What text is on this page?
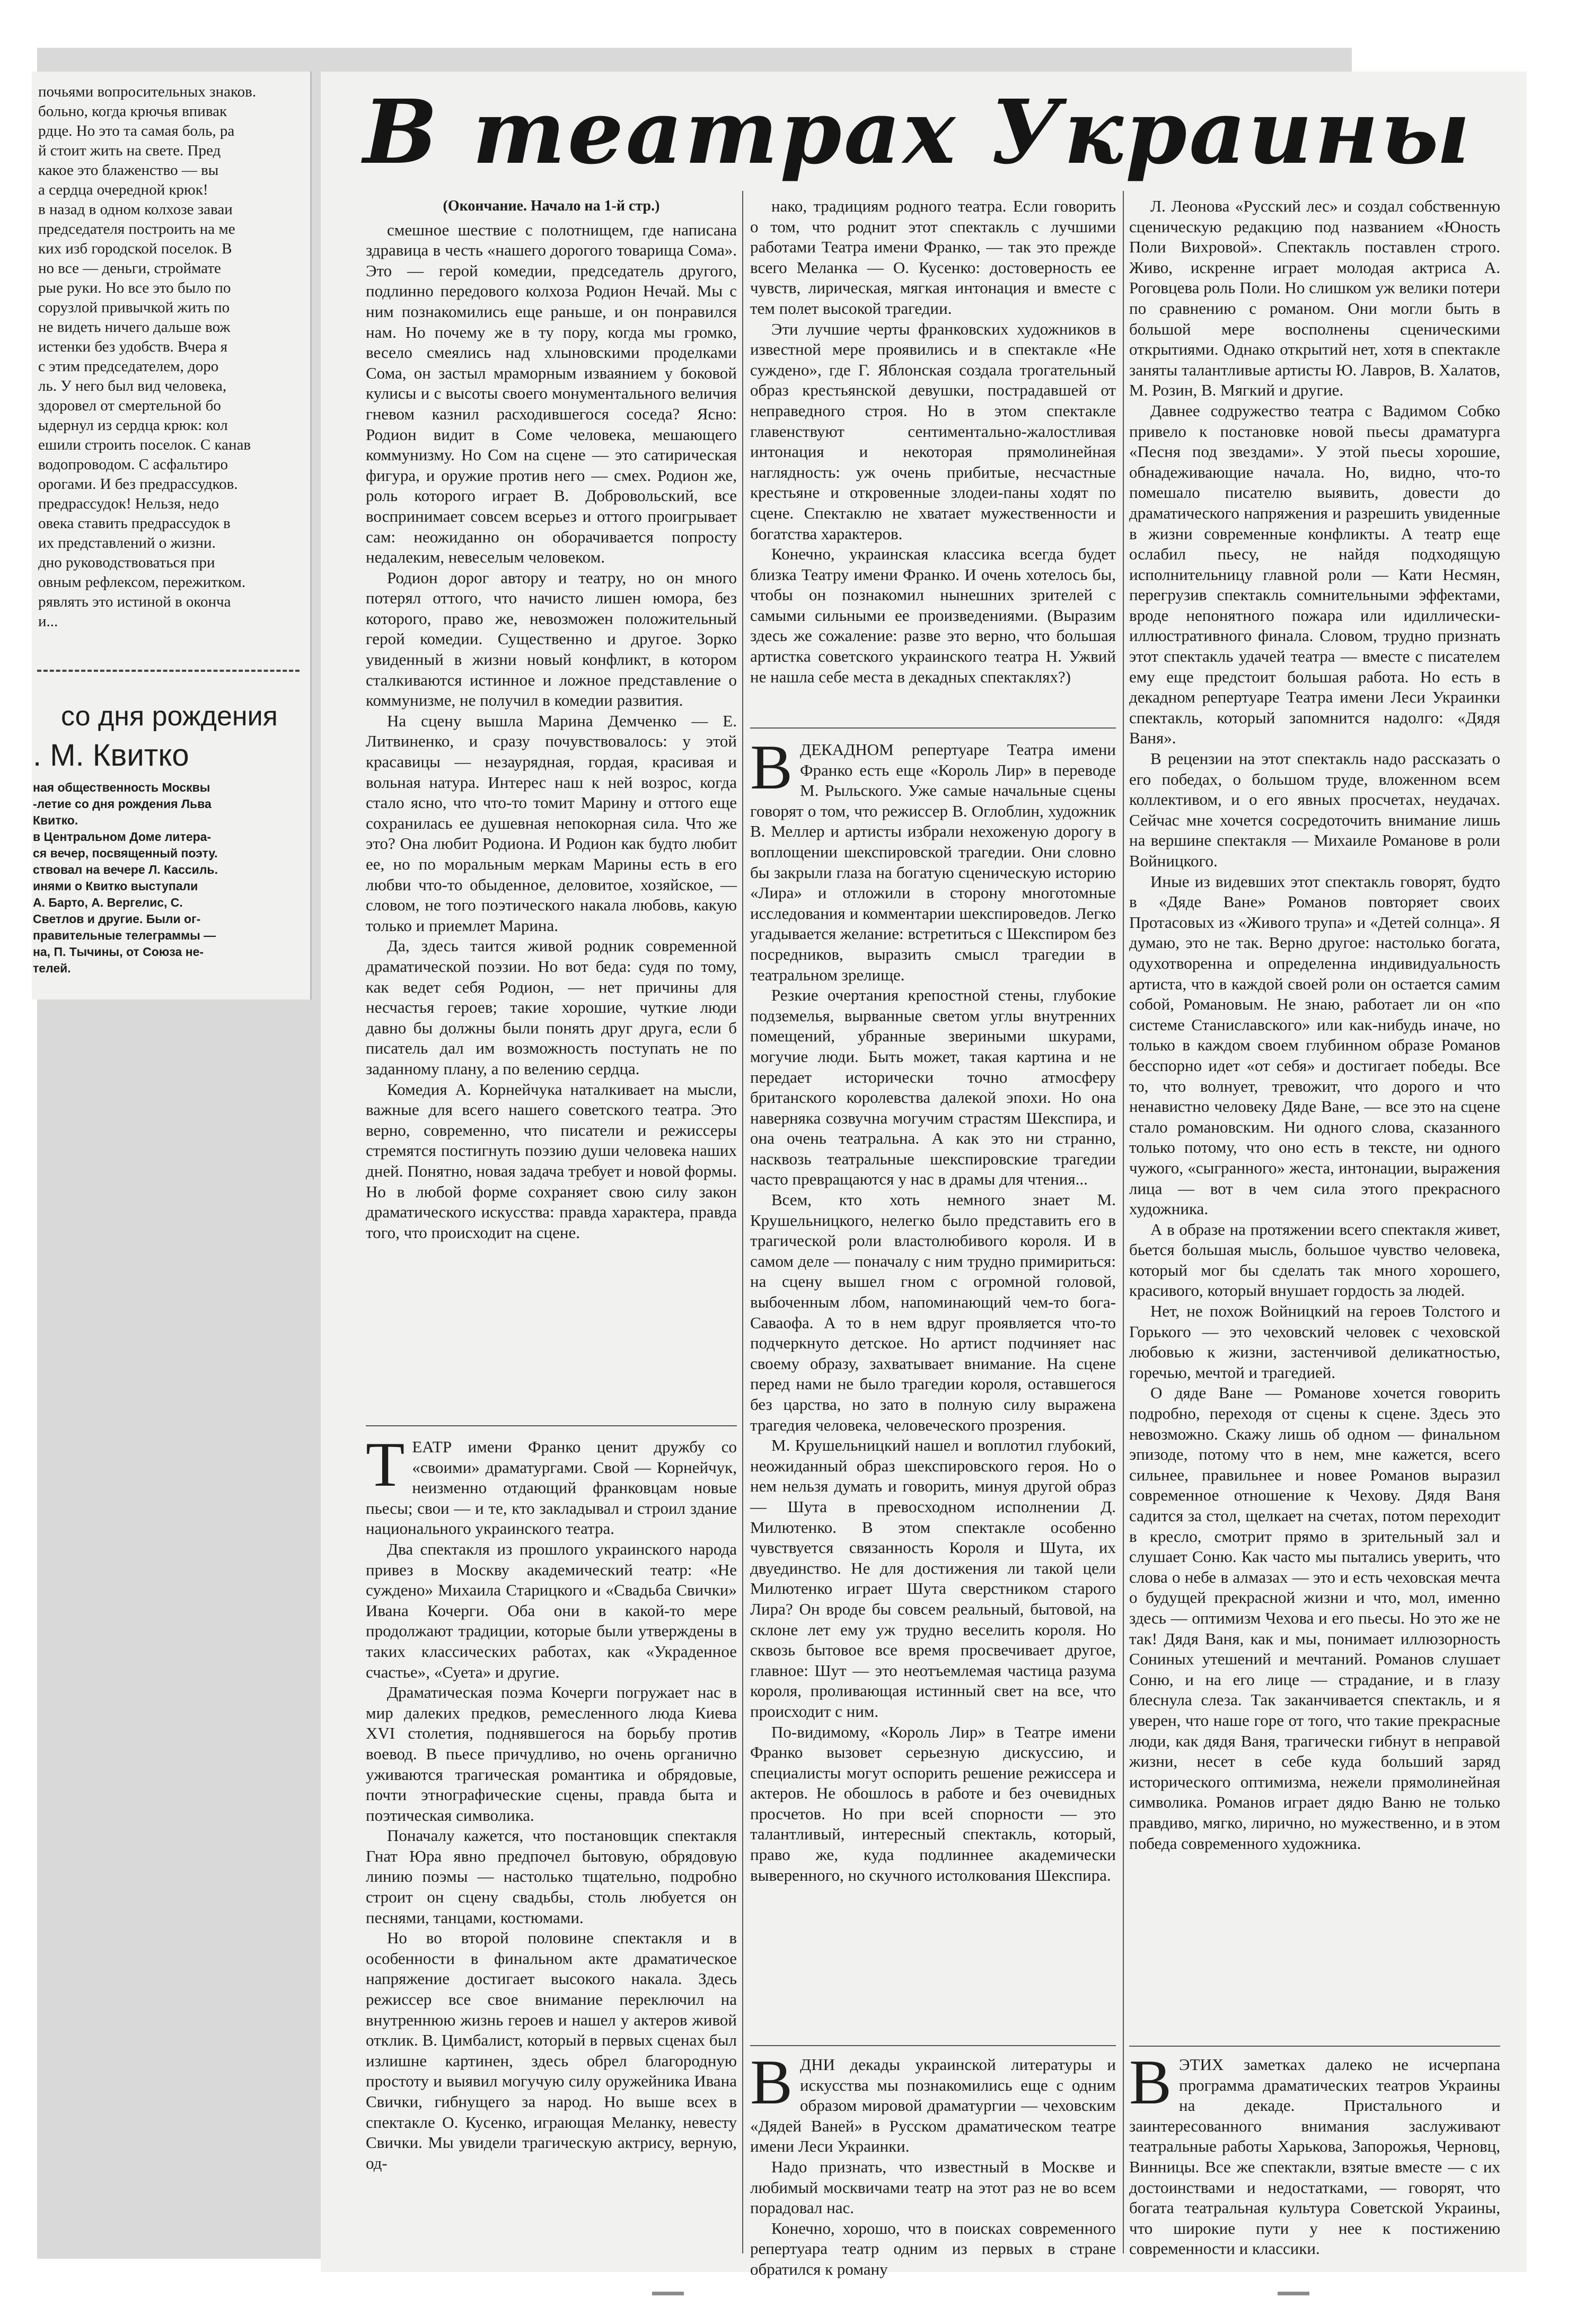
почьями вопросительных знаков.

больно, когда крючья впивак

рдце. Но это та самая боль, ра

й стоит жить на свете. Пред

какое это блаженство — вы

а сердца очередной крюк!

в назад в одном колхозе заваи

председателя построить на ме

ких изб городской поселок. В

но все — деньги, строймате

рые руки. Но все это было по

сорузлой привычкой жить по

не видеть ничего дальше вож

истенки без удобств. Вчера я

с этим председателем, доро

ль. У него был вид человека,

здоровел от смертельной бо

ыдернул из сердца крюк: кол

ешили строить поселок. С канав

водопроводом. С асфальтиро

орогами. И без предрассудков.

предрассудок! Нельзя, недо

овека ставить предрассудок в

их представлений о жизни.

дно руководствоваться при

овным рефлексом, пережитком.

рявлять это истиной в оконча

и...

со дня рождения
. М. Квитко

ная общественность Москвы

-летие со дня рождения Льва

Квитко.

в Центральном Доме литера-

ся вечер, посвященный поэту.

ствовал на вечере Л. Кассиль.

инями о Квитко выступали

А. Барто, А. Вергелис, С.

Светлов и другие. Были ог-

правительные телеграммы —

на, П. Тычины, от Союза не-

телей.

В театрах Украины
(Окончание. Начало на 1-й стр.)

смешное шествие с полотнищем, где написана здравица в честь «нашего дорогого товарища Сома». Это — герой комедии, председатель другого, подлинно передового колхоза Родион Нечай. Мы с ним познакомились еще раньше, и он понравился нам. Но почему же в ту пору, когда мы громко, весело смеялись над хлыновскими проделками Сома, он застыл мраморным изваянием у боковой кулисы и с высоты своего монументального величия гневом казнил расходившегося соседа? Ясно: Родион видит в Соме человека, мешающего коммунизму. Но Сом на сцене — это сатирическая фигура, и оружие против него — смех. Родион же, роль которого играет В. Добровольский, все воспринимает совсем всерьез и оттого проигрывает сам: неожиданно он оборачивается попросту недалеким, невеселым человеком.

Родион дорог автору и театру, но он много потерял оттого, что начисто лишен юмора, без которого, право же, невозможен положительный герой комедии. Существенно и другое. Зорко увиденный в жизни новый конфликт, в котором сталкиваются истинное и ложное представление о коммунизме, не получил в комедии развития.

На сцену вышла Марина Демченко — Е. Литвиненко, и сразу почувствовалось: у этой красавицы — незаурядная, гордая, красивая и вольная натура. Интерес наш к ней возрос, когда стало ясно, что что-то томит Марину и оттого еще сохранилась ее душевная непокорная сила. Что же это? Она любит Родиона. И Родион как будто любит ее, но по моральным меркам Марины есть в его любви что-то обыденное, деловитое, хозяйское, — словом, не того поэтического накала любовь, какую только и приемлет Марина.

Да, здесь таится живой родник современной драматической поэзии. Но вот беда: судя по тому, как ведет себя Родион, — нет причины для несчастья героев; такие хорошие, чуткие люди давно бы должны были понять друг друга, если б писатель дал им возможность поступать не по заданному плану, а по велению сердца.

Комедия А. Корнейчука наталкивает на мысли, важные для всего нашего советского театра. Это верно, современно, что писатели и режиссеры стремятся постигнуть поэзию души человека наших дней. Понятно, новая задача требует и новой формы. Но в любой форме сохраняет свою силу закон драматического искусства: правда характера, правда того, что происходит на сцене.

ТЕАТР имени Франко ценит дружбу со «своими» драматургами. Свой — Корнейчук, неизменно отдающий франковцам новые пьесы; свои — и те, кто закладывал и строил здание национального украинского театра.

Два спектакля из прошлого украинского народа привез в Москву академический театр: «Не суждено» Михаила Старицкого и «Свадьба Свички» Ивана Кочерги. Оба они в какой-то мере продолжают традиции, которые были утверждены в таких классических работах, как «Украденное счастье», «Суета» и другие.

Драматическая поэма Кочерги погружает нас в мир далеких предков, ремесленного люда Киева XVI столетия, поднявшегося на борьбу против воевод. В пьесе причудливо, но очень органично уживаются трагическая романтика и обрядовые, почти этнографические сцены, правда быта и поэтическая символика.

Поначалу кажется, что постановщик спектакля Гнат Юра явно предпочел бытовую, обрядовую линию поэмы — настолько тщательно, подробно строит он сцену свадьбы, столь любуется он песнями, танцами, костюмами.

Но во второй половине спектакля и в особенности в финальном акте драматическое напряжение достигает высокого накала. Здесь режиссер все свое внимание переключил на внутреннюю жизнь героев и нашел у актеров живой отклик. В. Цимбалист, который в первых сценах был излишне картинен, здесь обрел благородную простоту и выявил могучую силу оружейника Ивана Свички, гибнущего за народ. Но выше всех в спектакле О. Кусенко, играющая Меланку, невесту Свички. Мы увидели трагическую актрису, верную, од-

нако, традициям родного театра. Если говорить о том, что роднит этот спектакль с лучшими работами Театра имени Франко, — так это прежде всего Меланка — О. Кусенко: достоверность ее чувств, лирическая, мягкая интонация и вместе с тем полет высокой трагедии.

Эти лучшие черты франковских художников в известной мере проявились и в спектакле «Не суждено», где Г. Яблонская создала трогательный образ крестьянской девушки, пострадавшей от неправедного строя. Но в этом спектакле главенствуют сентиментально-жалостливая интонация и некоторая прямолинейная наглядность: уж очень прибитые, несчастные крестьяне и откровенные злодеи-паны ходят по сцене. Спектаклю не хватает мужественности и богатства характеров.

Конечно, украинская классика всегда будет близка Театру имени Франко. И очень хотелось бы, чтобы он познакомил нынешних зрителей с самыми сильными ее произведениями. (Выразим здесь же сожаление: разве это верно, что большая артистка советского украинского театра Н. Ужвий не нашла себе места в декадных спектаклях?)

В ДЕКАДНОМ репертуаре Театра имени Франко есть еще «Король Лир» в переводе М. Рыльского. Уже самые начальные сцены говорят о том, что режиссер В. Оглоблин, художник В. Меллер и артисты избрали нехоженую дорогу в воплощении шекспировской трагедии. Они словно бы закрыли глаза на богатую сценическую историю «Лира» и отложили в сторону многотомные исследования и комментарии шекспироведов. Легко угадывается желание: встретиться с Шекспиром без посредников, выразить смысл трагедии в театральном зрелище.

Резкие очертания крепостной стены, глубокие подземелья, вырванные светом углы внутренних помещений, убранные звериными шкурами, могучие люди. Быть может, такая картина и не передает исторически точно атмосферу британского королевства далекой эпохи. Но она наверняка созвучна могучим страстям Шекспира, и она очень театральна. А как это ни странно, насквозь театральные шекспировские трагедии часто превращаются у нас в драмы для чтения...

Всем, кто хоть немного знает М. Крушельницкого, нелегко было представить его в трагической роли властолюбивого короля. И в самом деле — поначалу с ним трудно примириться: на сцену вышел гном с огромной головой, выбоченным лбом, напоминающий чем-то бога-Саваофа. А то в нем вдруг проявляется что-то подчеркнуто детское. Но артист подчиняет нас своему образу, захватывает внимание. На сцене перед нами не было трагедии короля, оставшегося без царства, но зато в полную силу выражена трагедия человека, человеческого прозрения.

М. Крушельницкий нашел и воплотил глубокий, неожиданный образ шекспировского героя. Но о нем нельзя думать и говорить, минуя другой образ — Шута в превосходном исполнении Д. Милютенко. В этом спектакле особенно чувствуется связанность Короля и Шута, их двуединство. Не для достижения ли такой цели Милютенко играет Шута сверстником старого Лира? Он вроде бы совсем реальный, бытовой, на склоне лет ему уж трудно веселить короля. Но сквозь бытовое все время просвечивает другое, главное: Шут — это неотъемлемая частица разума короля, проливающая истинный свет на все, что происходит с ним.

По-видимому, «Король Лир» в Театре имени Франко вызовет серьезную дискуссию, и специалисты могут оспорить решение режиссера и актеров. Не обошлось в работе и без очевидных просчетов. Но при всей спорности — это талантливый, интересный спектакль, который, право же, куда подлиннее академически выверенного, но скучного истолкования Шекспира.

В ДНИ декады украинской литературы и искусства мы познакомились еще с одним образом мировой драматургии — чеховским «Дядей Ваней» в Русском драматическом театре имени Леси Украинки.

Надо признать, что известный в Москве и любимый москвичами театр на этот раз не во всем порадовал нас.

Конечно, хорошо, что в поисках современного репертуара театр одним из первых в стране обратился к роману

Л. Леонова «Русский лес» и создал собственную сценическую редакцию под названием «Юность Поли Вихровой». Спектакль поставлен строго. Живо, искренне играет молодая актриса А. Роговцева роль Поли. Но слишком уж велики потери по сравнению с романом. Они могли быть в большой мере восполнены сценическими открытиями. Однако открытий нет, хотя в спектакле заняты талантливые артисты Ю. Лавров, В. Халатов, М. Розин, В. Мягкий и другие.

Давнее содружество театра с Вадимом Собко привело к постановке новой пьесы драматурга «Песня под звездами». У этой пьесы хорошие, обнадеживающие начала. Но, видно, что-то помешало писателю выявить, довести до драматического напряжения и разрешить увиденные в жизни современные конфликты. А театр еще ослабил пьесу, не найдя подходящую исполнительницу главной роли — Кати Несмян, перегрузив спектакль сомнительными эффектами, вроде непонятного пожара или идиллически-иллюстративного финала. Словом, трудно признать этот спектакль удачей театра — вместе с писателем ему еще предстоит большая работа. Но есть в декадном репертуаре Театра имени Леси Украинки спектакль, который запомнится надолго: «Дядя Ваня».

В рецензии на этот спектакль надо рассказать о его победах, о большом труде, вложенном всем коллективом, и о его явных просчетах, неудачах. Сейчас мне хочется сосредоточить внимание лишь на вершине спектакля — Михаиле Романове в роли Войницкого.

Иные из видевших этот спектакль говорят, будто в «Дяде Ване» Романов повторяет своих Протасовых из «Живого трупа» и «Детей солнца». Я думаю, это не так. Верно другое: настолько богата, одухотворенна и определенна индивидуальность артиста, что в каждой своей роли он остается самим собой, Романовым. Не знаю, работает ли он «по системе Станиславского» или как-нибудь иначе, но только в каждом своем глубинном образе Романов бесспорно идет «от себя» и достигает победы. Все то, что волнует, тревожит, что дорого и что ненавистно человеку Дяде Ване, — все это на сцене стало романовским. Ни одного слова, сказанного только потому, что оно есть в тексте, ни одного чужого, «сыгранного» жеста, интонации, выражения лица — вот в чем сила этого прекрасного художника.

А в образе на протяжении всего спектакля живет, бьется большая мысль, большое чувство человека, который мог бы сделать так много хорошего, красивого, который внушает гордость за людей.

Нет, не похож Войницкий на героев Толстого и Горького — это чеховский человек с чеховской любовью к жизни, застенчивой деликатностью, горечью, мечтой и трагедией.

О дяде Ване — Романове хочется говорить подробно, переходя от сцены к сцене. Здесь это невозможно. Скажу лишь об одном — финальном эпизоде, потому что в нем, мне кажется, всего сильнее, правильнее и новее Романов выразил современное отношение к Чехову. Дядя Ваня садится за стол, щелкает на счетах, потом переходит в кресло, смотрит прямо в зрительный зал и слушает Соню. Как часто мы пытались уверить, что слова о небе в алмазах — это и есть чеховская мечта о будущей прекрасной жизни и что, мол, именно здесь — оптимизм Чехова и его пьесы. Но это же не так! Дядя Ваня, как и мы, понимает иллюзорность Сониных утешений и мечтаний. Романов слушает Соню, и на его лице — страдание, и в глазу блеснула слеза. Так заканчивается спектакль, и я уверен, что наше горе от того, что такие прекрасные люди, как дядя Ваня, трагически гибнут в неправой жизни, несет в себе куда больший заряд исторического оптимизма, нежели прямолинейная символика. Романов играет дядю Ваню не только правдиво, мягко, лирично, но мужественно, и в этом победа современного художника.

В ЭТИХ заметках далеко не исчерпана программа драматических театров Украины на декаде. Пристального и заинтересованного внимания заслуживают театральные работы Харькова, Запорожья, Черновц, Винницы. Все же спектакли, взятые вместе — с их достоинствами и недостатками, — говорят, что богата театральная культура Советской Украины, что широкие пути у нее к постижению современности и классики.
